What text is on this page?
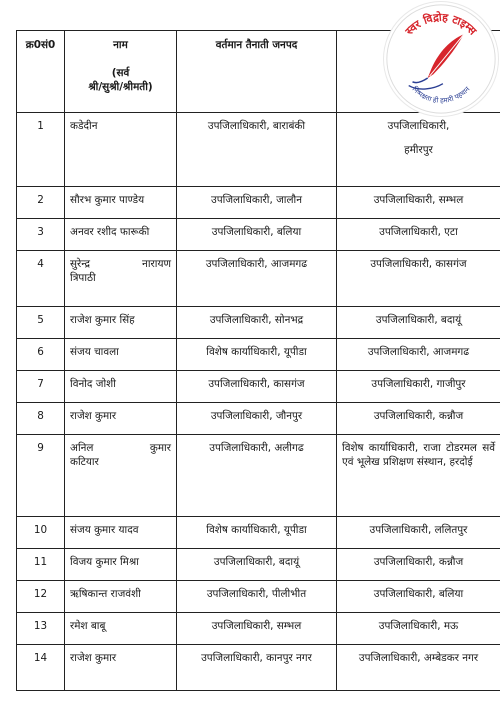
क्र0सं0	नाम
(सर्व
श्री/सुश्री/श्रीमती)	वर्तमान तैनाती जनपद	
1	कडेदीन	उपजिलाधिकारी, बाराबंकी	उपजिलाधिकारी,
हमीरपुर

2	सौरभ कुमार पाण्डेय	उपजिलाधिकारी, जालौन	उपजिलाधिकारी, सम्भल
3	अनवर रशीद फारूकी	उपजिलाधिकारी, बलिया	उपजिलाधिकारी, एटा
4	सुरेन्द्र नारायण
त्रिपाठी	उपजिलाधिकारी, आजमगढ	उपजिलाधिकारी, कासगंज
5	राजेश कुमार सिंह	उपजिलाधिकारी, सोनभद्र	उपजिलाधिकारी, बदायूं
6	संजय चावला	विशेष कार्याधिकारी, यूपीडा	उपजिलाधिकारी, आजमगढ
7	विनोद जोशी	उपजिलाधिकारी, कासगंज	उपजिलाधिकारी, गाजीपुर
8	राजेश कुमार	उपजिलाधिकारी, जौनपुर	उपजिलाधिकारी, कन्नौज
9	अनिल कुमार
कटियार	उपजिलाधिकारी, अलीगढ	विशेष कार्याधिकारी, राजा टोडरमल सर्वे एवं भूलेख प्रशिक्षण संस्थान, हरदोई
10	संजय कुमार यादव	विशेष कार्याधिकारी, यूपीडा	उपजिलाधिकारी, ललितपुर
11	विजय कुमार मिश्रा	उपजिलाधिकारी, बदायूं	उपजिलाधिकारी, कन्नौज
12	ऋषिकान्त राजवंशी	उपजिलाधिकारी, पीलीभीत	उपजिलाधिकारी, बलिया
13	रमेश बाबू	उपजिलाधिकारी, सम्भल	उपजिलाधिकारी, मऊ
14	राजेश कुमार	उपजिलाधिकारी, कानपुर नगर	उपजिलाधिकारी, अम्बेडकर नगर
स्वर विद्रोह टाइम्स
निष्पक्षता ही हमारी पहचान
